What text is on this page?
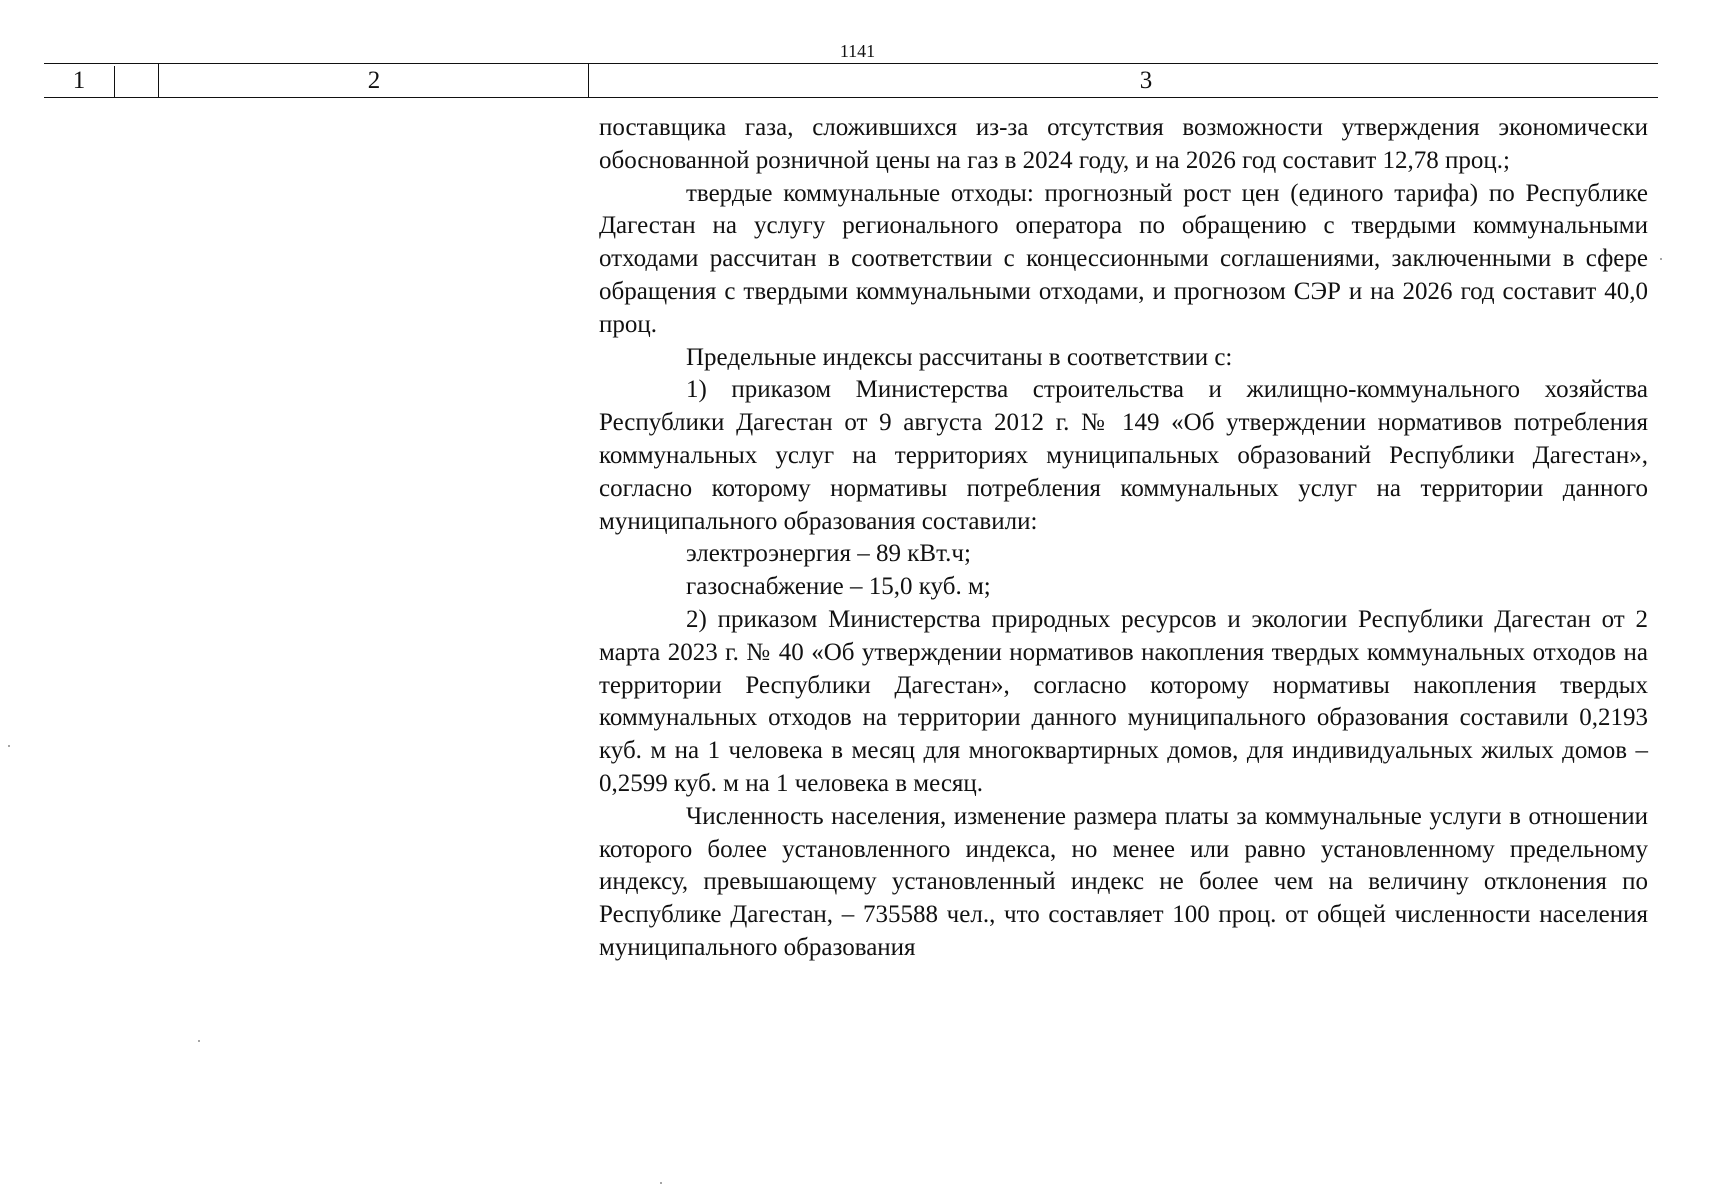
1141
1	2	3

поставщика газа, сложившихся из-за отсутствия возможности утверждения экономически обоснованной розничной цены на газ в 2024 году, и на 2026 год составит 12,78 проц.;

твердые коммунальные отходы: прогнозный рост цен (единого тарифа) по Республике Дагестан на услугу регионального оператора по обращению с твердыми коммунальными отходами рассчитан в соответствии с концессионными соглашениями, заключенными в сфере обращения с твердыми коммунальными отходами, и прогнозом СЭР и на 2026 год составит 40,0 проц.

Предельные индексы рассчитаны в соответствии с:

1) приказом Министерства строительства и жилищно-коммунального хозяйства Республики Дагестан от 9 августа 2012 г. № 149 «Об утверждении нормативов потребления коммунальных услуг на территориях муниципальных образований Республики Дагестан», согласно которому нормативы потребления коммунальных услуг на территории данного муниципального образования составили:

электроэнергия – 89 кВт.ч;

газоснабжение – 15,0 куб. м;

2) приказом Министерства природных ресурсов и экологии Республики Дагестан от 2 марта 2023 г. № 40 «Об утверждении нормативов накопления твердых коммунальных отходов на территории Республики Дагестан», согласно которому нормативы накопления твердых коммунальных отходов на территории данного муниципального образования составили 0,2193 куб. м на 1 человека в месяц для многоквартирных домов, для индивидуальных жилых домов – 0,2599 куб. м на 1 человека в месяц.

Численность населения, изменение размера платы за коммунальные услуги в отношении которого более установленного индекса, но менее или равно установленному предельному индексу, превышающему установленный индекс не более чем на величину отклонения по Республике Дагестан, – 735588 чел., что составляет 100 проц. от общей численности населения муниципального образования
